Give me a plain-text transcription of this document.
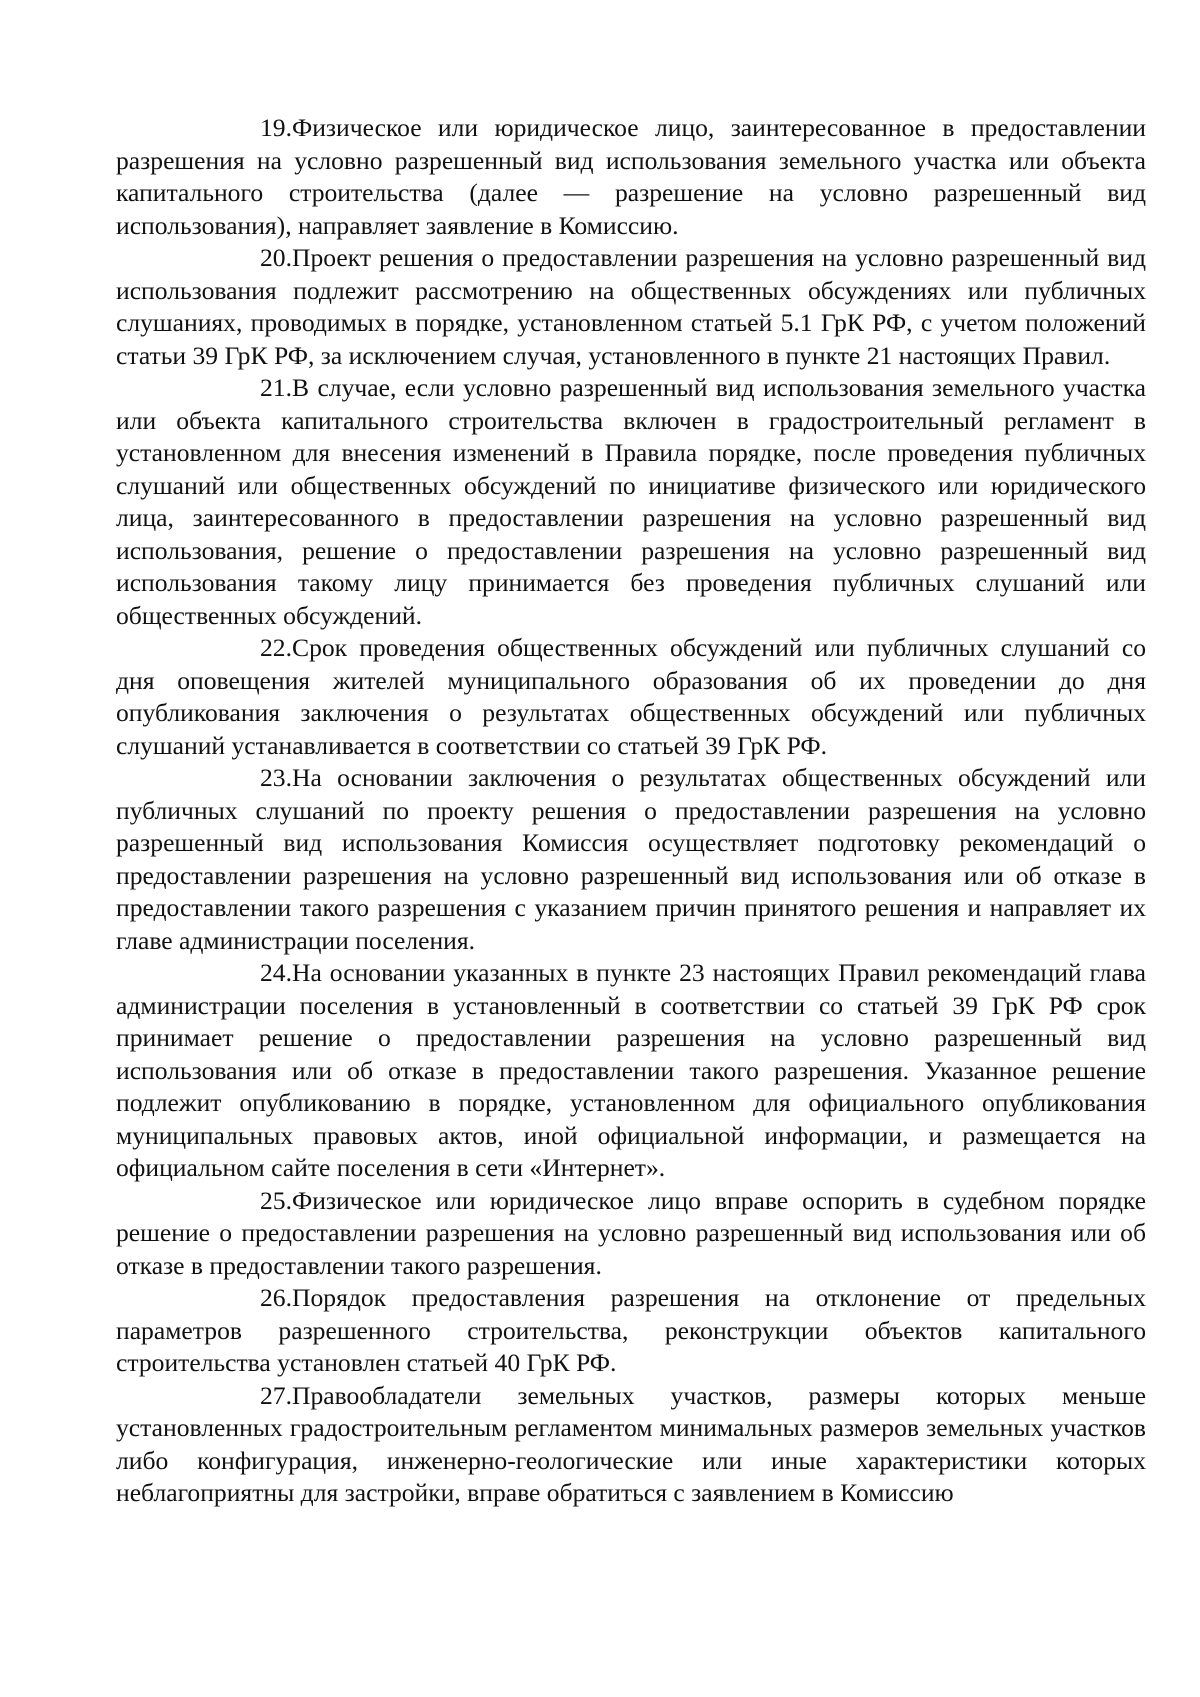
19.Физическое или юридическое лицо, заинтересованное в предоставлении разрешения на условно разрешенный вид использования земельного участка или объекта капитального строительства (далее — разрешение на условно разрешенный вид использования), направляет заявление в Комиссию.

20.Проект решения о предоставлении разрешения на условно разрешенный вид использования подлежит рассмотрению на общественных обсуждениях или публичных слушаниях, проводимых в порядке, установленном статьей 5.1 ГрК РФ, с учетом положений статьи 39 ГрК РФ, за исключением случая, установленного в пункте 21 настоящих Правил.

21.В случае, если условно разрешенный вид использования земельного участка или объекта капитального строительства включен в градостроительный регламент в установленном для внесения изменений в Правила порядке, после проведения публичных слушаний или общественных обсуждений по инициативе физического или юридического лица, заинтересованного в предоставлении разрешения на условно разрешенный вид использования, решение о предоставлении разрешения на условно разрешенный вид использования такому лицу принимается без проведения публичных слушаний или общественных обсуждений.

22.Срок проведения общественных обсуждений или публичных слушаний со дня оповещения жителей муниципального образования об их проведении до дня опубликования заключения о результатах общественных обсуждений или публичных слушаний устанавливается в соответствии со статьей 39 ГрК РФ.

23.На основании заключения о результатах общественных обсуждений или публичных слушаний по проекту решения о предоставлении разрешения на условно разрешенный вид использования Комиссия осуществляет подготовку рекомендаций о предоставлении разрешения на условно разрешенный вид использования или об отказе в предоставлении такого разрешения с указанием причин принятого решения и направляет их главе администрации поселения.

24.На основании указанных в пункте 23 настоящих Правил рекомендаций глава администрации поселения в установленный в соответствии со статьей 39 ГрК РФ срок принимает решение о предоставлении разрешения на условно разрешенный вид использования или об отказе в предоставлении такого разрешения. Указанное решение подлежит опубликованию в порядке, установленном для официального опубликования муниципальных правовых актов, иной официальной информации, и размещается на официальном сайте поселения в сети «Интернет».

25.Физическое или юридическое лицо вправе оспорить в судебном порядке решение о предоставлении разрешения на условно разрешенный вид использования или об отказе в предоставлении такого разрешения.

26.Порядок предоставления разрешения на отклонение от предельных параметров разрешенного строительства, реконструкции объектов капитального строительства установлен статьей 40 ГрК РФ.

27.Правообладатели земельных участков, размеры которых меньше установленных градостроительным регламентом минимальных размеров земельных участков либо конфигурация, инженерно-геологические или иные характеристики которых неблагоприятны для застройки, вправе обратиться с заявлением в Комиссию
